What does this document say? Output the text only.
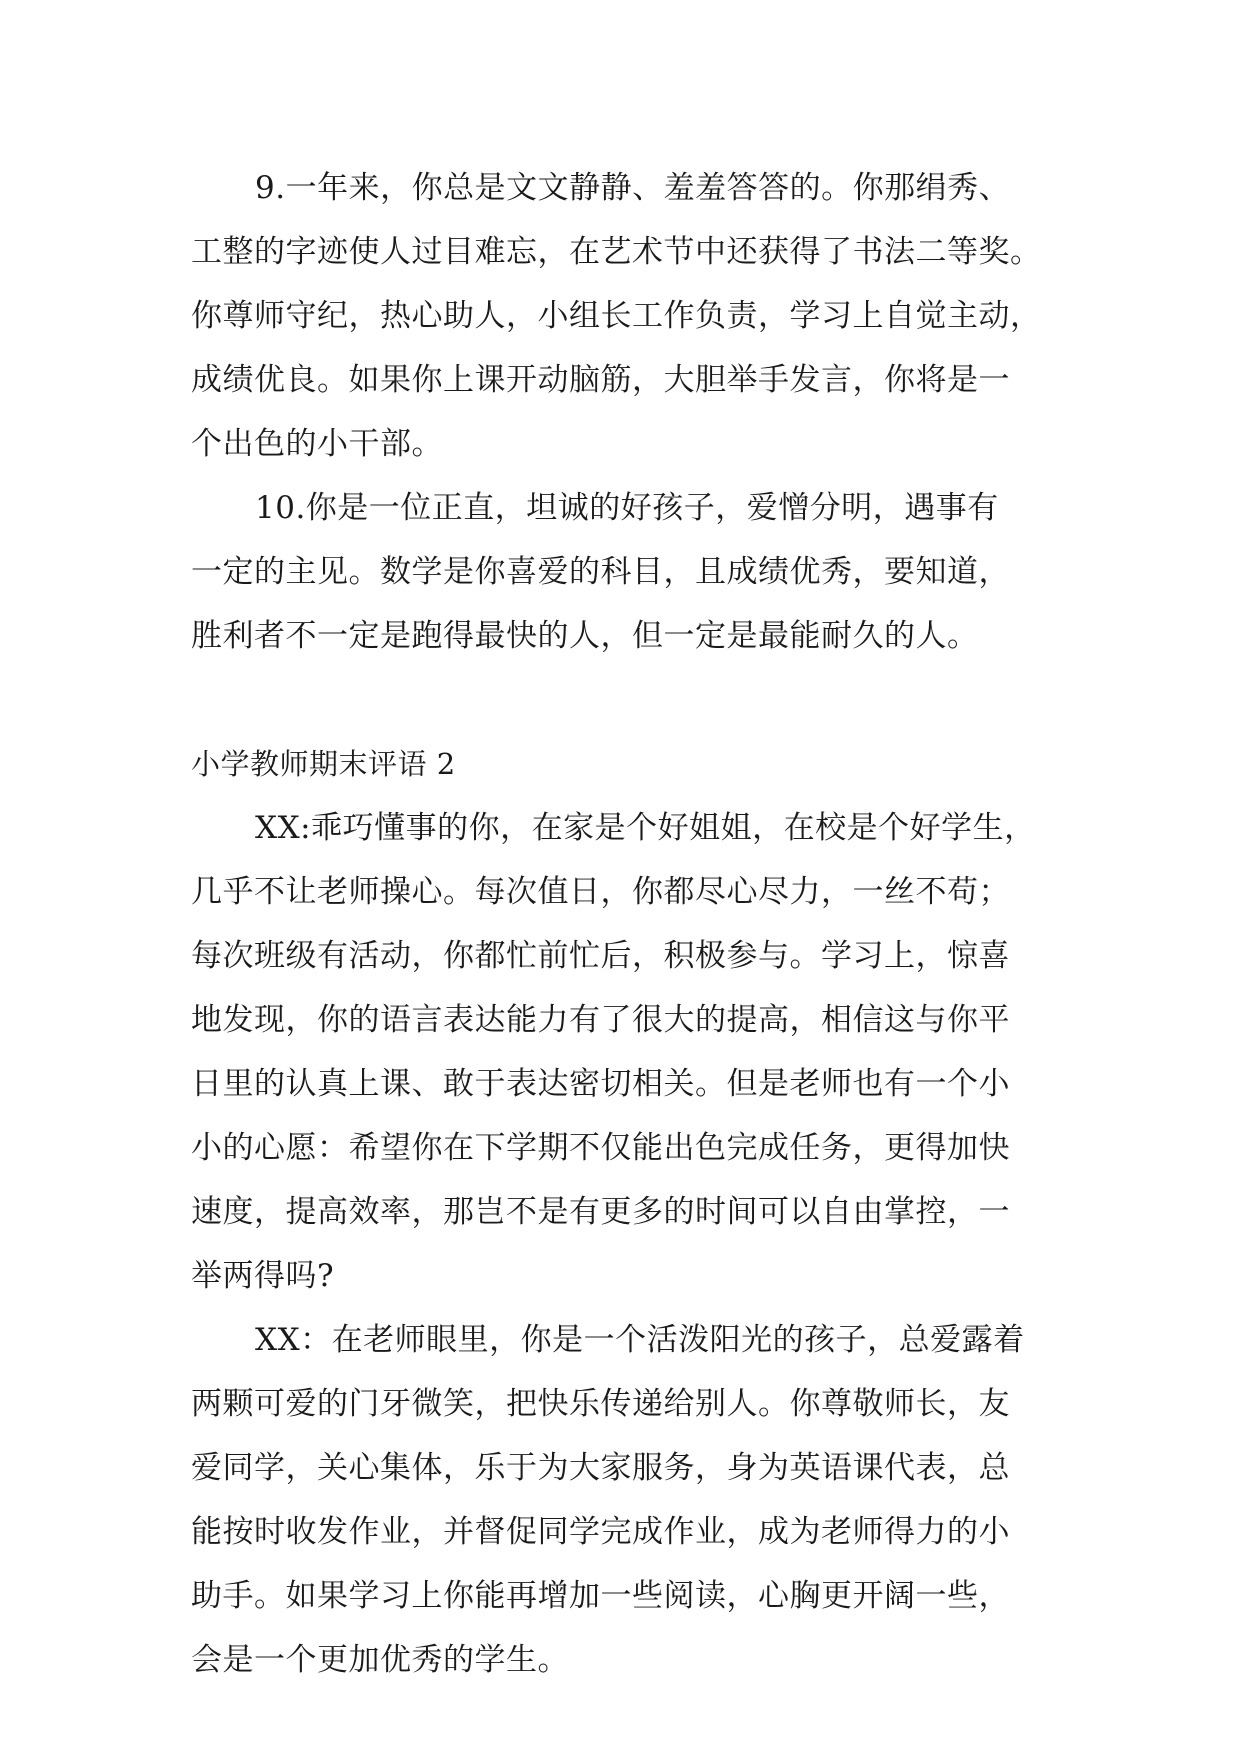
9.一年来，你总是文文静静、羞羞答答的。你那绢秀、
工整的字迹使人过目难忘，在艺术节中还获得了书法二等奖。
你尊师守纪，热心助人，小组长工作负责，学习上自觉主动，
成绩优良。如果你上课开动脑筋，大胆举手发言，你将是一
个出色的小干部。
10.你是一位正直，坦诚的好孩子，爱憎分明，遇事有
一定的主见。数学是你喜爱的科目，且成绩优秀，要知道，
胜利者不一定是跑得最快的人，但一定是最能耐久的人。
小学教师期末评语 2
XX:乖巧懂事的你，在家是个好姐姐，在校是个好学生，
几乎不让老师操心。每次值日，你都尽心尽力，一丝不苟；
每次班级有活动，你都忙前忙后，积极参与。学习上，惊喜
地发现，你的语言表达能力有了很大的提高，相信这与你平
日里的认真上课、敢于表达密切相关。但是老师也有一个小
小的心愿：希望你在下学期不仅能出色完成任务，更得加快
速度，提高效率，那岂不是有更多的时间可以自由掌控，一
举两得吗?
XX：在老师眼里，你是一个活泼阳光的孩子，总爱露着
两颗可爱的门牙微笑，把快乐传递给别人。你尊敬师长，友
爱同学，关心集体，乐于为大家服务，身为英语课代表，总
能按时收发作业，并督促同学完成作业，成为老师得力的小
助手。如果学习上你能再增加一些阅读，心胸更开阔一些，
会是一个更加优秀的学生。
